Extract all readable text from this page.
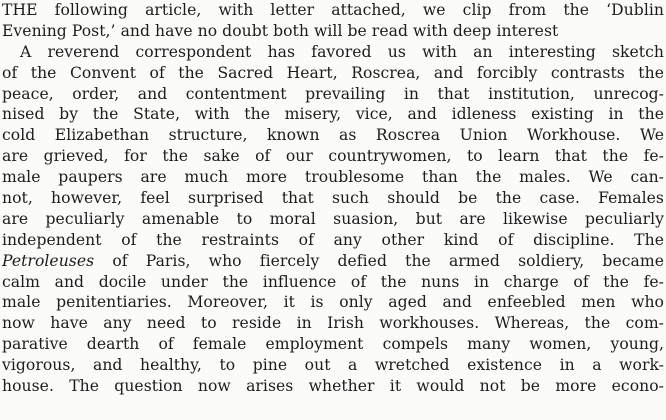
THE following article, with letter attached, we clip from the ‘Dublin
Evening Post,’ and have no doubt both will be read with deep interest
A reverend correspondent has favored us with an interesting sketch
of the Convent of the Sacred Heart, Roscrea, and forcibly contrasts the
peace, order, and contentment prevailing in that institution, unrecog-
nised by the State, with the misery, vice, and idleness existing in the
cold Elizabethan structure, known as Roscrea Union Workhouse. We
are grieved, for the sake of our countrywomen, to learn that the fe-
male paupers are much more troublesome than the males. We can-
not, however, feel surprised that such should be the case. Females
are peculiarly amenable to moral suasion, but are likewise peculiarly
independent of the restraints of any other kind of discipline. The
Petroleuses of Paris, who fiercely defied the armed soldiery, became
calm and docile under the influence of the nuns in charge of the fe-
male penitentiaries. Moreover, it is only aged and enfeebled men who
now have any need to reside in Irish workhouses. Whereas, the com-
parative dearth of female employment compels many women, young,
vigorous, and healthy, to pine out a wretched existence in a work-
house. The question now arises whether it would not be more econo-
